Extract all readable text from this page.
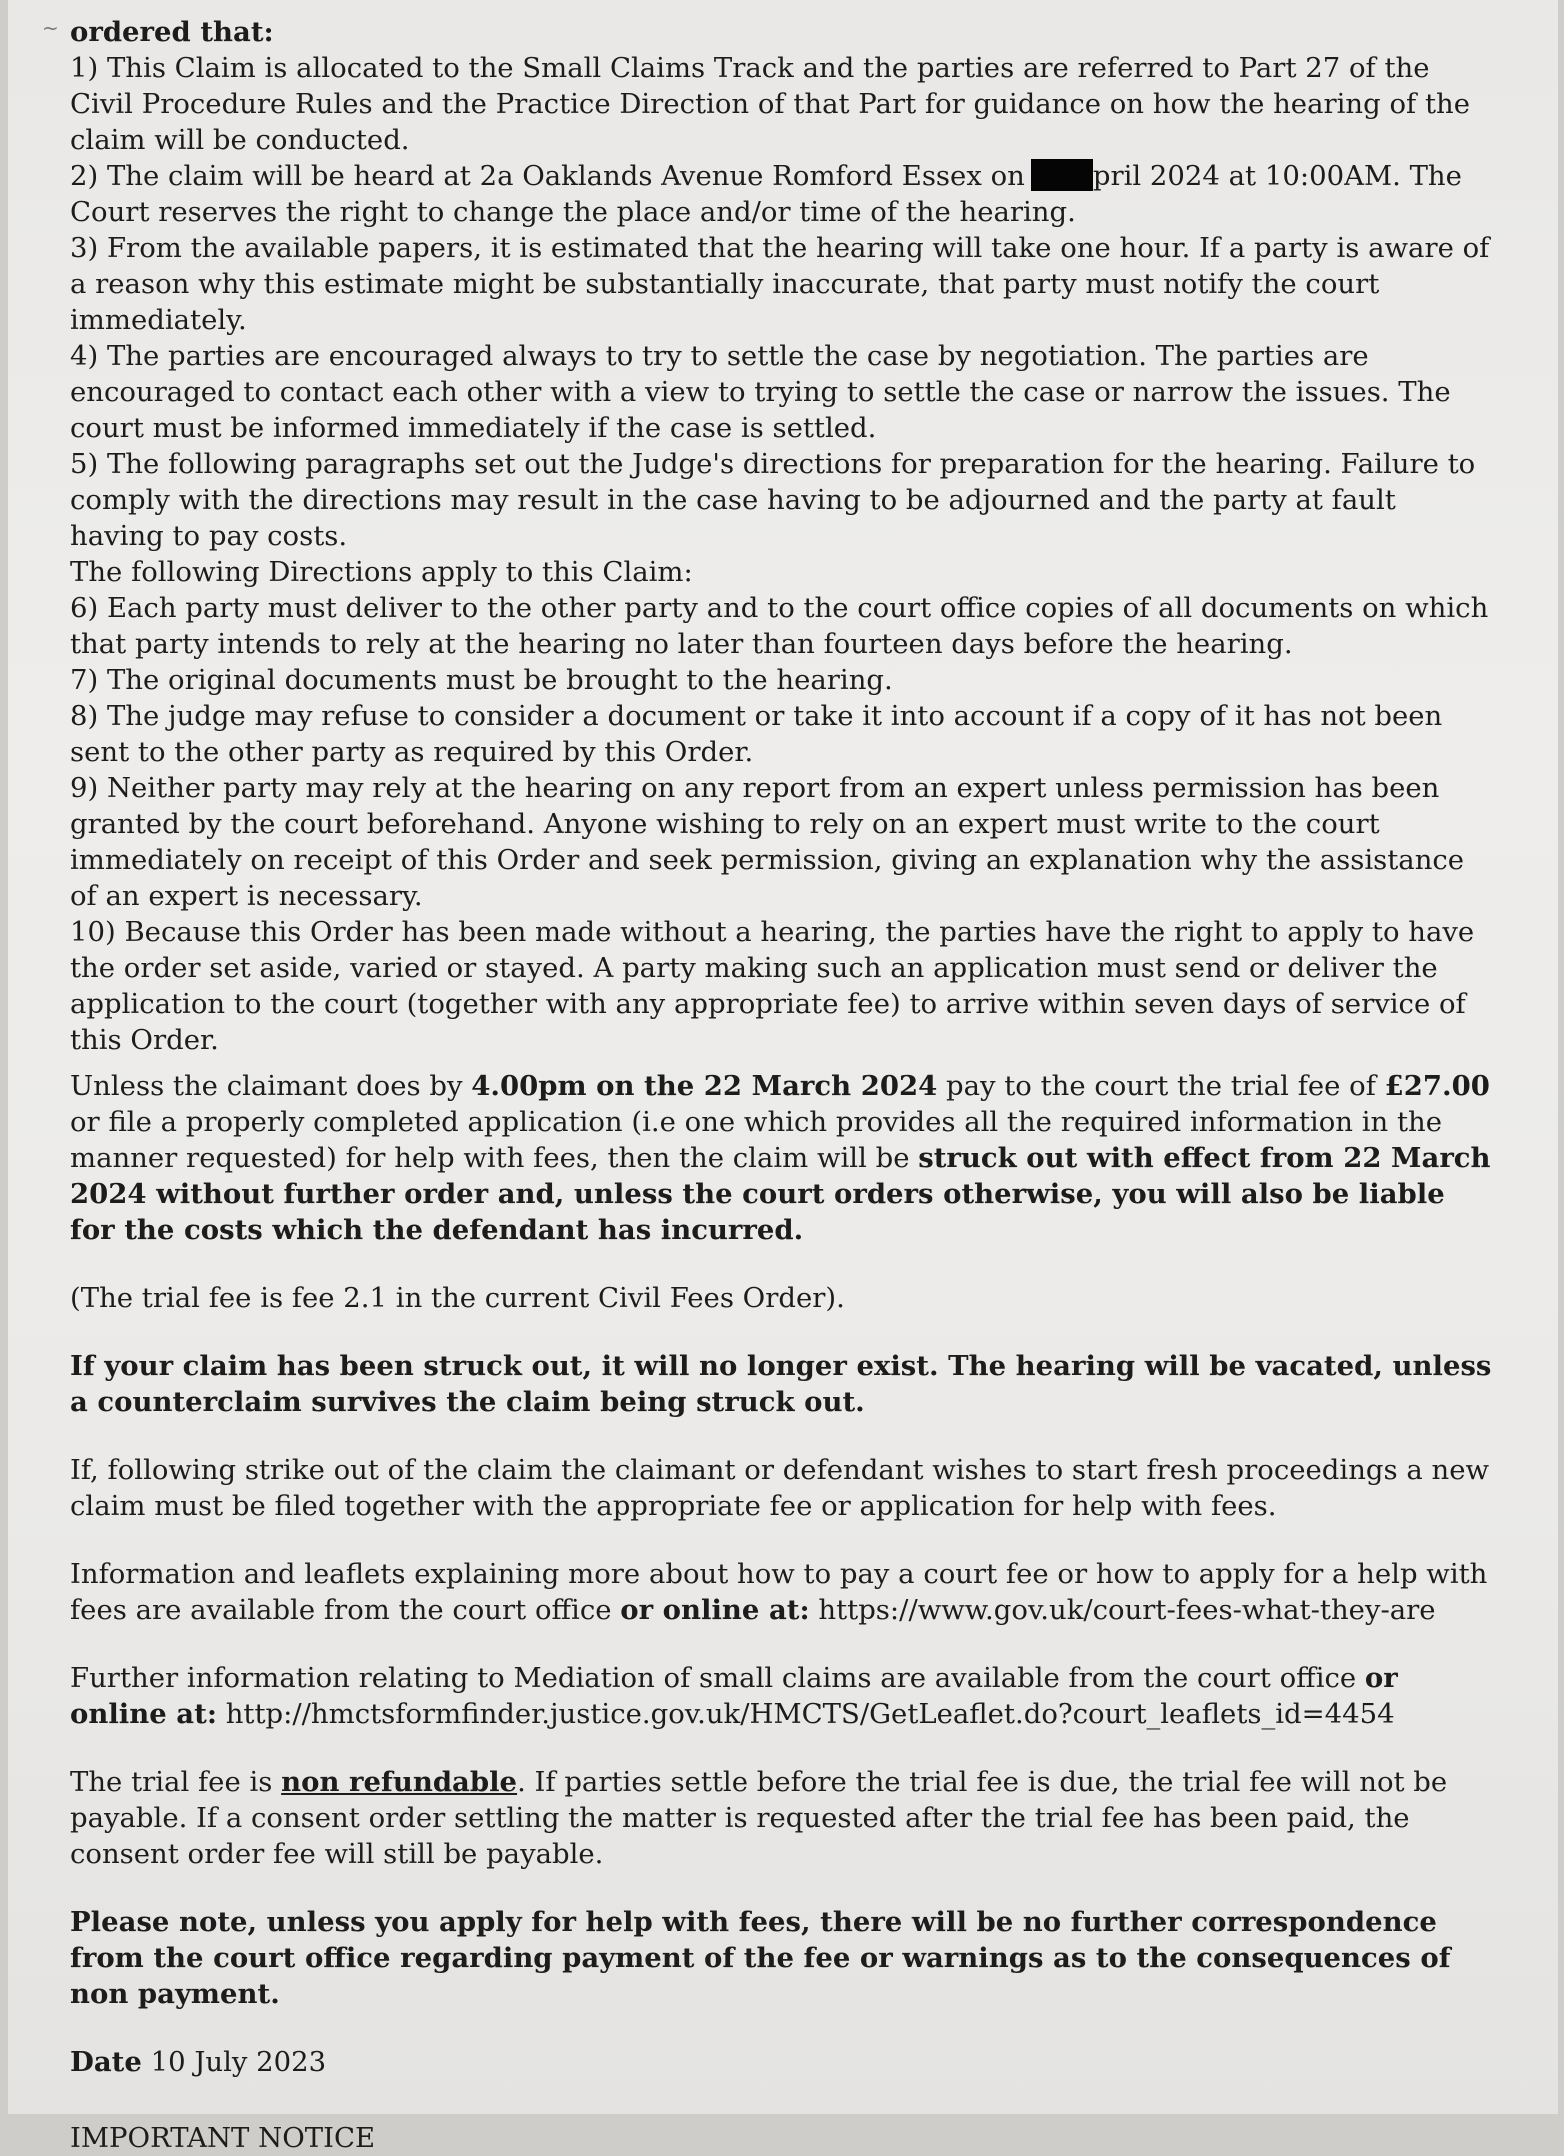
~ ordered that:

1) This Claim is allocated to the Small Claims Track and the parties are referred to Part 27 of the Civil Procedure Rules and the Practice Direction of that Part for guidance on how the hearing of the claim will be conducted.

2) The claim will be heard at 2a Oaklands Avenue Romford Essex on pril 2024 at 10:00AM. The Court reserves the right to change the place and/or time of the hearing.

3) From the available papers, it is estimated that the hearing will take one hour. If a party is aware of a reason why this estimate might be substantially inaccurate, that party must notify the court immediately.

4) The parties are encouraged always to try to settle the case by negotiation. The parties are encouraged to contact each other with a view to trying to settle the case or narrow the issues. The court must be informed immediately if the case is settled.

5) The following paragraphs set out the Judge's directions for preparation for the hearing. Failure to comply with the directions may result in the case having to be adjourned and the party at fault having to pay costs.

The following Directions apply to this Claim:

6) Each party must deliver to the other party and to the court office copies of all documents on which that party intends to rely at the hearing no later than fourteen days before the hearing.

7) The original documents must be brought to the hearing.

8) The judge may refuse to consider a document or take it into account if a copy of it has not been sent to the other party as required by this Order.

9) Neither party may rely at the hearing on any report from an expert unless permission has been granted by the court beforehand. Anyone wishing to rely on an expert must write to the court immediately on receipt of this Order and seek permission, giving an explanation why the assistance of an expert is necessary.

10) Because this Order has been made without a hearing, the parties have the right to apply to have the order set aside, varied or stayed. A party making such an application must send or deliver the application to the court (together with any appropriate fee) to arrive within seven days of service of this Order.

Unless the claimant does by 4.00pm on the 22 March 2024 pay to the court the trial fee of £27.00 or file a properly completed application (i.e one which provides all the required information in the manner requested) for help with fees, then the claim will be struck out with effect from 22 March 2024 without further order and, unless the court orders otherwise, you will also be liable for the costs which the defendant has incurred.

(The trial fee is fee 2.1 in the current Civil Fees Order).

If your claim has been struck out, it will no longer exist. The hearing will be vacated, unless a counterclaim survives the claim being struck out.

If, following strike out of the claim the claimant or defendant wishes to start fresh proceedings a new claim must be filed together with the appropriate fee or application for help with fees.

Information and leaflets explaining more about how to pay a court fee or how to apply for a help with fees are available from the court office or online at: https://www.gov.uk/court-fees-what-they-are

Further information relating to Mediation of small claims are available from the court office or online at: http://hmctsformfinder.justice.gov.uk/HMCTS/GetLeaflet.do?court_leaflets_id=4454

The trial fee is non refundable. If parties settle before the trial fee is due, the trial fee will not be payable. If a consent order settling the matter is requested after the trial fee has been paid, the consent order fee will still be payable.

Please note, unless you apply for help with fees, there will be no further correspondence from the court office regarding payment of the fee or warnings as to the consequences of non payment.

Date 10 July 2023

IMPORTANT NOTICE
